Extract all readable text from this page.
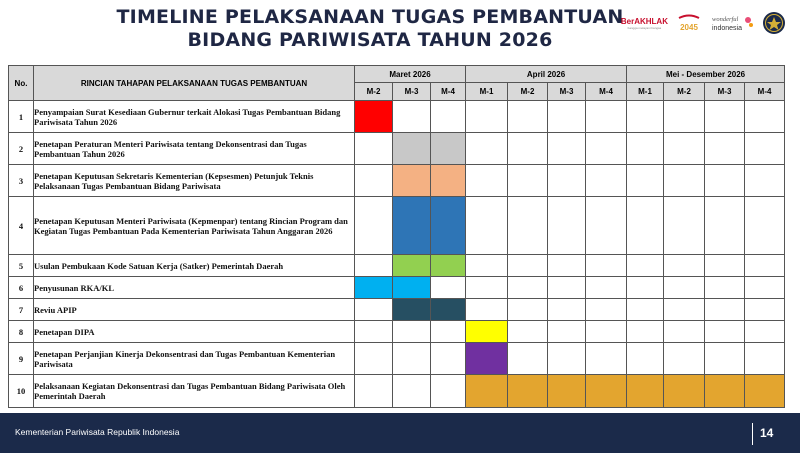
TIMELINE PELAKSANAAN TUGAS PEMBANTUAN
BIDANG PARIWISATA TAHUN 2026
BerAKHLAK
bangga melayani bangsa	2045
wonderful
indonesia
No.	RINCIAN TAHAPAN PELAKSANAAN TUGAS PEMBANTUAN	Maret 2026			April 2026				Mei - Desember 2026			
		M-2	M-3	M-4	M-1	M-2	M-3	M-4	M-1	M-2	M-3	M-4
1	Penyampaian Surat Kesediaan Gubernur terkait Alokasi Tugas Pembantuan Bidang Pariwisata Tahun 2026											
2	Penetapan Peraturan Menteri Pariwisata tentang Dekonsentrasi dan Tugas Pembantuan Tahun 2026											
3	Penetapan Keputusan Sekretaris Kementerian (Kepsesmen) Petunjuk Teknis Pelaksanaan Tugas Pembantuan Bidang Pariwisata											
4	Penetapan Keputusan Menteri Pariwisata (Kepmenpar) tentang Rincian Program dan Kegiatan Tugas Pembantuan Pada Kementerian Pariwisata Tahun Anggaran 2026											
5	Usulan Pembukaan Kode Satuan Kerja (Satker) Pemerintah Daerah											
6	Penyusunan RKA/KL											
7	Reviu APIP											
8	Penetapan DIPA											
9	Penetapan Perjanjian Kinerja Dekonsentrasi dan Tugas Pembantuan Kementerian Pariwisata											
10	Pelaksanaan Kegiatan Dekonsentrasi dan Tugas Pembantuan Bidang Pariwisata Oleh Pemerintah Daerah											
Kementerian Pariwisata Republik Indonesia	14
